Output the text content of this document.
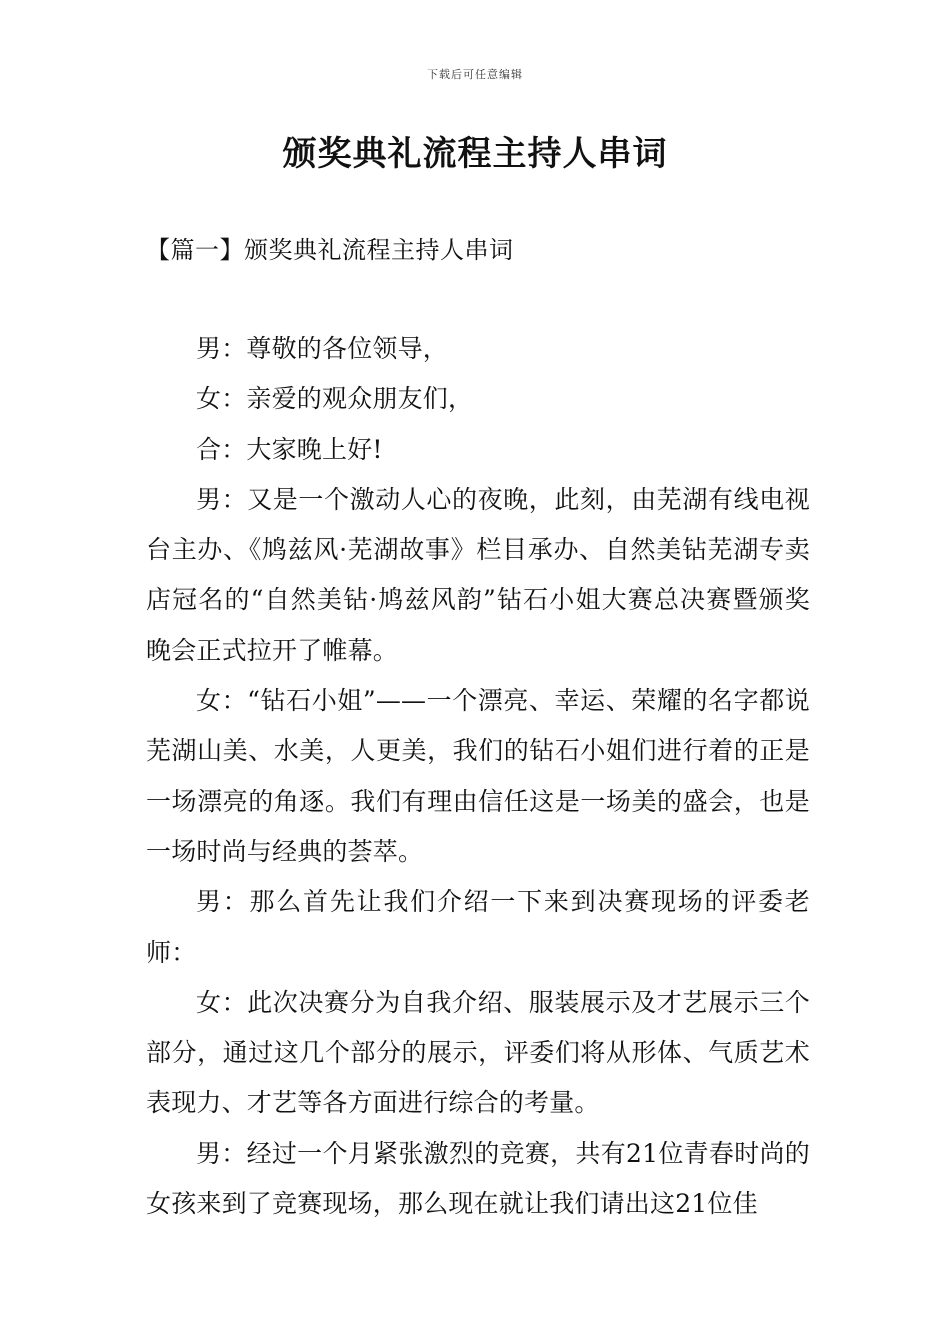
下载后可任意编辑
颁奖典礼流程主持人串词
【篇一】颁奖典礼流程主持人串词

男：尊敬的各位领导，

女：亲爱的观众朋友们，

合：大家晚上好!

男：又是一个激动人心的夜晚，此刻，由芜湖有线电视台主办、《鸠兹风·芜湖故事》栏目承办、自然美钻芜湖专卖店冠名的“自然美钻·鸠兹风韵”钻石小姐大赛总决赛暨颁奖晚会正式拉开了帷幕。

女：“钻石小姐”——一个漂亮、幸运、荣耀的名字都说芜湖山美、水美，人更美，我们的钻石小姐们进行着的正是一场漂亮的角逐。我们有理由信任这是一场美的盛会，也是一场时尚与经典的荟萃。

男：那么首先让我们介绍一下来到决赛现场的评委老师：

女：此次决赛分为自我介绍、服装展示及才艺展示三个部分，通过这几个部分的展示，评委们将从形体、气质艺术表现力、才艺等各方面进行综合的考量。

男：经过一个月紧张激烈的竞赛，共有21位青春时尚的女孩来到了竞赛现场，那么现在就让我们请出这21位佳
